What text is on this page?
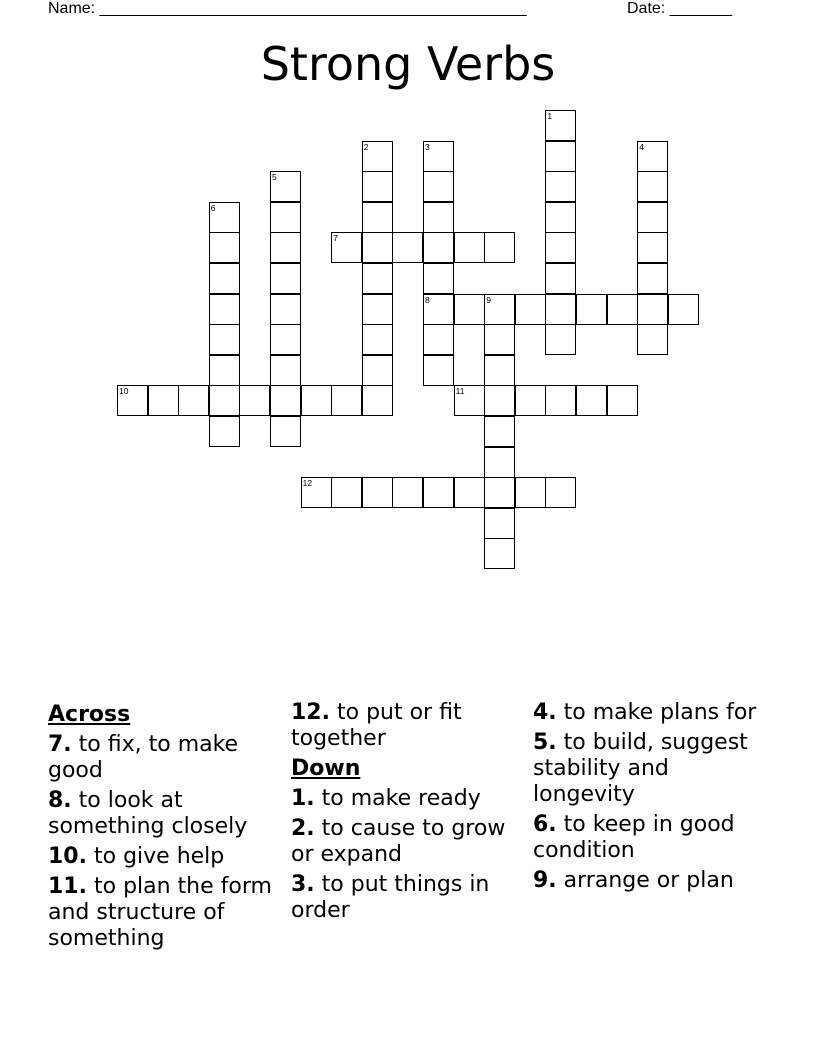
Name: ________________________________________________	Date: _______
Strong Verbs
1
2	3
8
4
5
6
7
9
10	11
12
Across
7. to fix, to make good
8. to look at something closely
10. to give help
11. to plan the form and structure of something
12. to put or fit together
Down
1. to make ready
2. to cause to grow or expand
3. to put things in order
4. to make plans for
5. to build, suggest stability and longevity
6. to keep in good condition
9. arrange or plan
